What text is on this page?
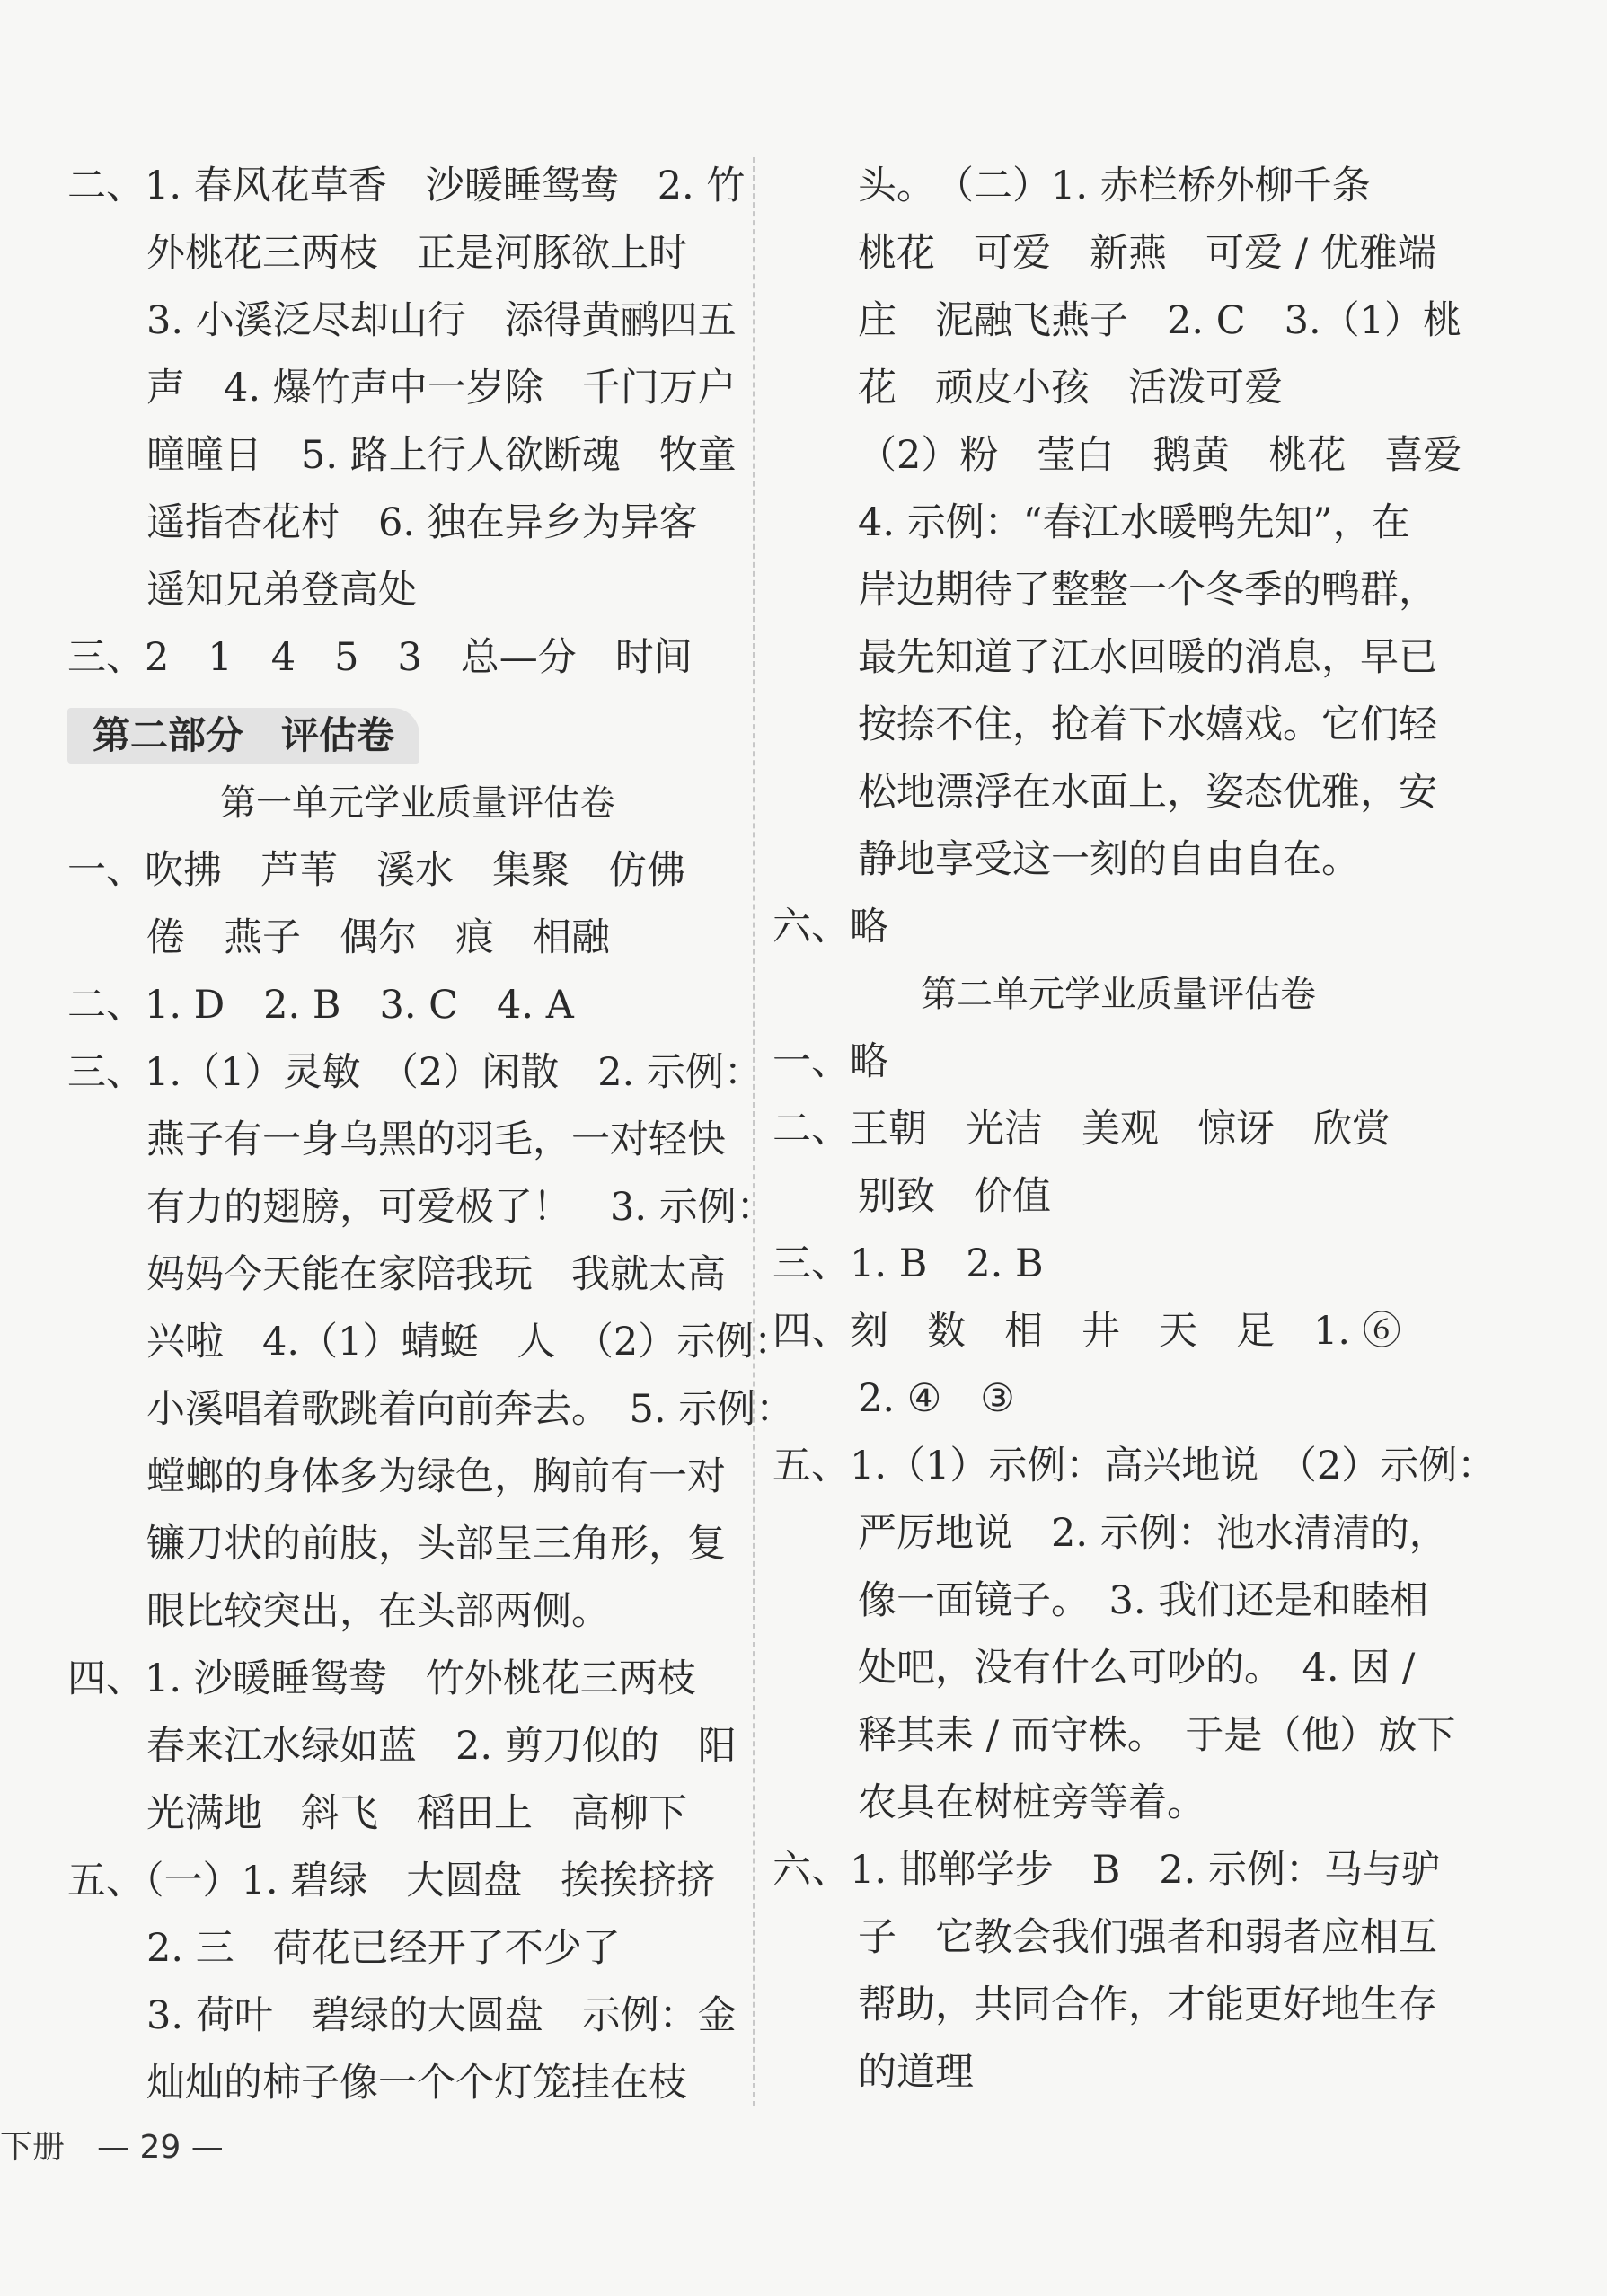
二、1. 春风花草香　沙暖睡鸳鸯　2. 竹
外桃花三两枝　正是河豚欲上时
3. 小溪泛尽却山行　添得黄鹂四五
声　4. 爆竹声中一岁除　千门万户
曈曈日　5. 路上行人欲断魂　牧童
遥指杏花村　6. 独在异乡为异客
遥知兄弟登高处
三、2　1　4　5　3　总—分　时间
第二部分　评估卷
第一单元学业质量评估卷
一、吹拂　芦苇　溪水　集聚　仿佛
倦　燕子　偶尔　痕　相融
二、1. D　2. B　3. C　4. A
三、1.（1）灵敏　（2）闲散　2. 示例：
燕子有一身乌黑的羽毛，一对轻快
有力的翅膀，可爱极了！　3. 示例：
妈妈今天能在家陪我玩　我就太高
兴啦　4.（1）蜻蜓　人　（2）示例：
小溪唱着歌跳着向前奔去。　5. 示例：
螳螂的身体多为绿色，胸前有一对
镰刀状的前肢，头部呈三角形，复
眼比较突出，在头部两侧。
四、1. 沙暖睡鸳鸯　竹外桃花三两枝
春来江水绿如蓝　2. 剪刀似的　阳
光满地　斜飞　稻田上　高柳下
五、（一）1. 碧绿　大圆盘　挨挨挤挤
2. 三　荷花已经开了不少了
3. 荷叶　碧绿的大圆盘　示例：金
灿灿的柿子像一个个灯笼挂在枝
头。　（二）1. 赤栏桥外柳千条
桃花　可爱　新燕　可爱 / 优雅端
庄　泥融飞燕子　2. C　3.（1）桃
花　顽皮小孩　活泼可爱
（2）粉　莹白　鹅黄　桃花　喜爱
4. 示例：“春江水暖鸭先知”，在
岸边期待了整整一个冬季的鸭群，
最先知道了江水回暖的消息，早已
按捺不住，抢着下水嬉戏。它们轻
松地漂浮在水面上，姿态优雅，安
静地享受这一刻的自由自在。
六、略
第二单元学业质量评估卷
一、略
二、王朝　光洁　美观　惊讶　欣赏
别致　价值
三、1. B　2. B
四、刻　数　相　井　天　足　1. ⑥
2. ④　③
五、1.（1）示例：高兴地说　（2）示例：
严厉地说　2. 示例：池水清清的，
像一面镜子。　3. 我们还是和睦相
处吧，没有什么可吵的。　4. 因 /
释其耒 / 而守株。　于是（他）放下
农具在树桩旁等着。
六、1. 邯郸学步　B　2. 示例：马与驴
子　它教会我们强者和弱者应相互
帮助，共同合作，才能更好地生存
的道理
下册　— 29 —
